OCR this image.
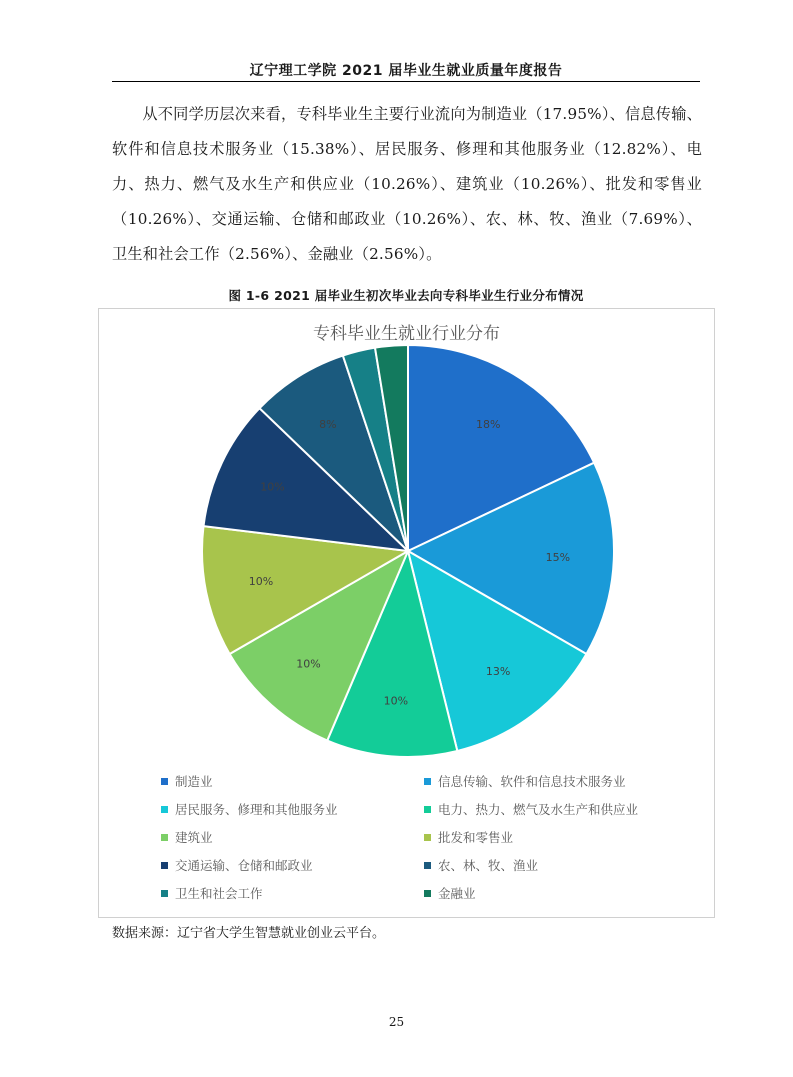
辽宁理工学院 2021 届毕业生就业质量年度报告

从不同学历层次来看，专科毕业生主要行业流向为制造业（17.95%）、信息传输、软件和信息技术服务业（15.38%）、居民服务、修理和其他服务业（12.82%）、电力、热力、燃气及水生产和供应业（10.26%）、建筑业（10.26%）、批发和零售业（10.26%）、交通运输、仓储和邮政业（10.26%）、农、林、牧、渔业（7.69%）、卫生和社会工作（2.56%）、金融业（2.56%）。

图 1-6 2021 届毕业生初次毕业去向专科毕业生行业分布情况
专科毕业生就业行业分布
18%
15%
13%
10%
10%
10%
10%
8%
制造业	信息传输、软件和信息技术服务业
居民服务、修理和其他服务业	电力、热力、燃气及水生产和供应业
建筑业	批发和零售业
交通运输、仓储和邮政业	农、林、牧、渔业
卫生和社会工作	金融业
数据来源：辽宁省大学生智慧就业创业云平台。
25
